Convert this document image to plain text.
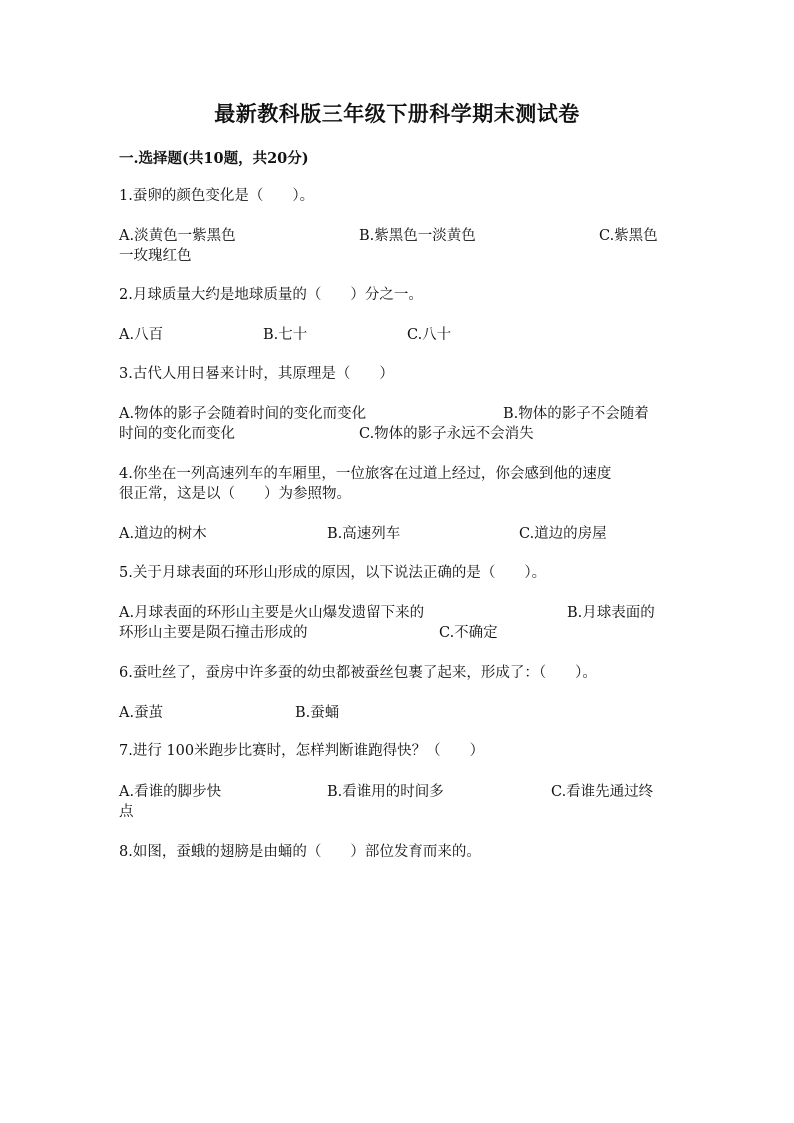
最新教科版三年级下册科学期末测试卷
一.选择题(共10题，共20分)
1.蚕卵的颜色变化是（　　）。
A.淡黄色一紫黑色	B.紫黑色一淡黄色	C.紫黑色
一玫瑰红色
2.月球质量大约是地球质量的（　　）分之一。
A.八百	B.七十	C.八十
3.古代人用日晷来计时，其原理是（　　）
A.物体的影子会随着时间的变化而变化	B.物体的影子不会随着
时间的变化而变化	C.物体的影子永远不会消失
4.你坐在一列高速列车的车厢里，一位旅客在过道上经过，你会感到他的速度
很正常，这是以（　　）为参照物。
A.道边的树木	B.高速列车	C.道边的房屋
5.关于月球表面的环形山形成的原因，以下说法正确的是（　　）。
A.月球表面的环形山主要是火山爆发遗留下来的	B.月球表面的
环形山主要是陨石撞击形成的	C.不确定
6.蚕吐丝了，蚕房中许多蚕的幼虫都被蚕丝包裹了起来，形成了：（　　）。
A.蚕茧	B.蚕蛹
7.进行 100米跑步比赛时，怎样判断谁跑得快？（　　）
A.看谁的脚步快	B.看谁用的时间多	C.看谁先通过终
点
8.如图，蚕蛾的翅膀是由蛹的（　　）部位发育而来的。
